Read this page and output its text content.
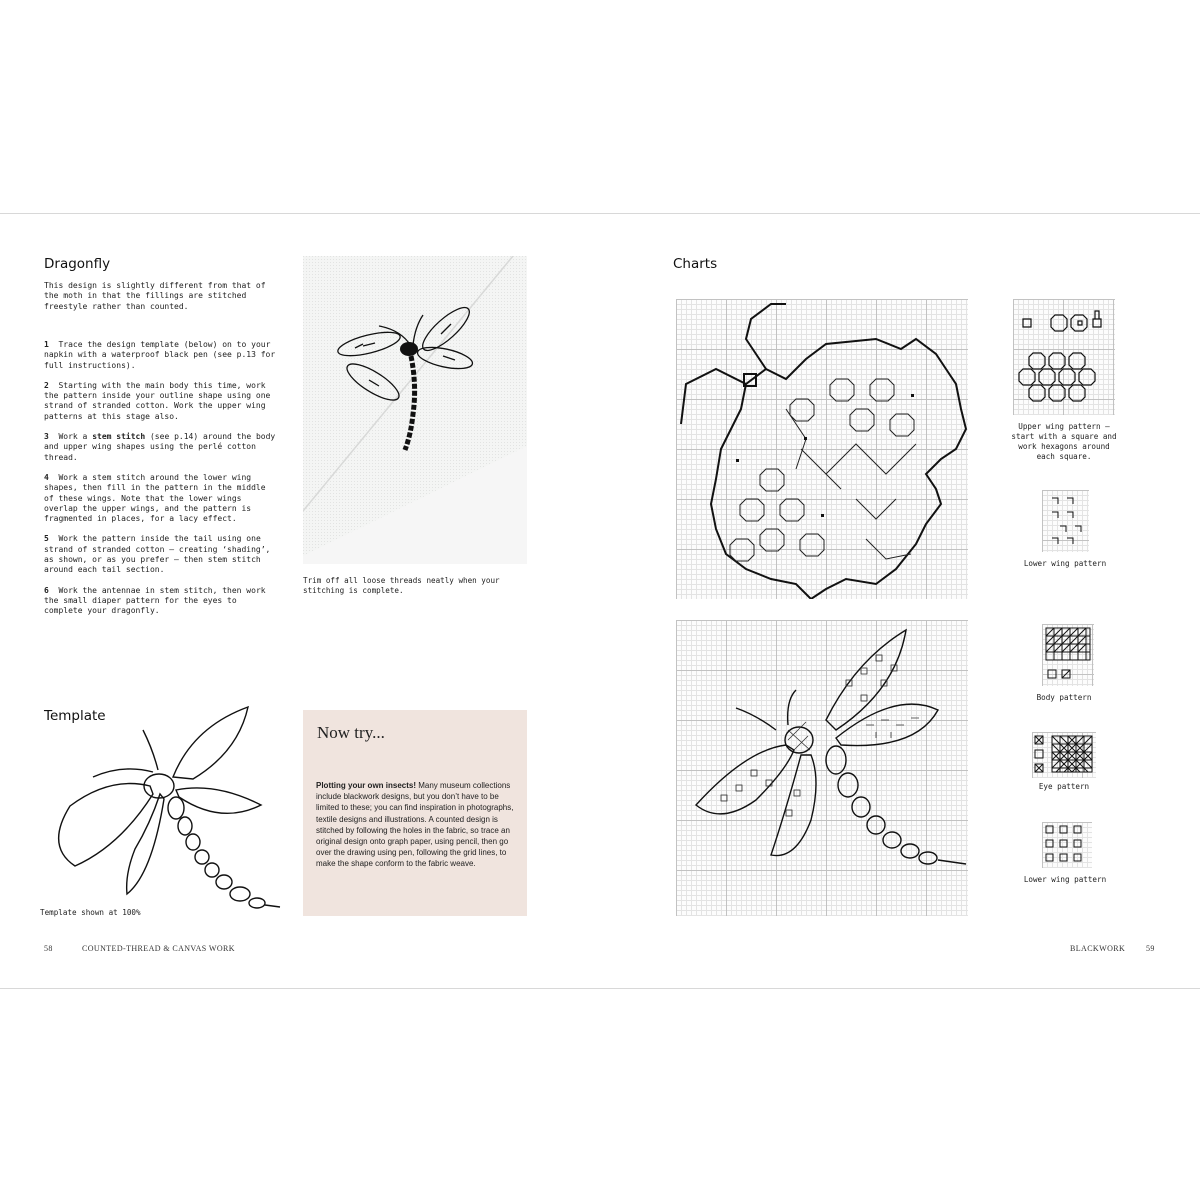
Dragonfly

This design is slightly different from that of the moth in that the fillings are stitched freestyle rather than counted.

1 Trace the design template (below) on to your napkin with a waterproof black pen (see p.13 for full instructions).

2 Starting with the main body this time, work the pattern inside your outline shape using one strand of stranded cotton. Work the upper wing patterns at this stage also.

3 Work a stem stitch (see p.14) around the body and upper wing shapes using the perlé cotton thread.

4 Work a stem stitch around the lower wing shapes, then fill in the pattern in the middle of these wings. Note that the lower wings overlap the upper wings, and the pattern is fragmented in places, for a lacy effect.

5 Work the pattern inside the tail using one strand of stranded cotton – creating ‘shading’, as shown, or as you prefer – then stem stitch around each tail section.

6 Work the antennae in stem stitch, then work the small diaper pattern for the eyes to complete your dragonfly.

Trim off all loose threads neatly when your stitching is complete.
Template
Template shown at 100%
Now try...
Plotting your own insects! Many museum collections include blackwork designs, but you don’t have to be limited to these; you can find inspiration in photographs, textile designs and illustrations. A counted design is stitched by following the holes in the fabric, so trace an original design onto graph paper, using pencil, then go over the drawing using pen, following the grid lines, to make the shape conform to the fabric weave.
58	COUNTED-THREAD & CANVAS WORK
Charts
Upper wing pattern – start with a square and work hexagons around each square.
Lower wing pattern
Body pattern
Eye pattern
Lower wing pattern
BLACKWORK	59
